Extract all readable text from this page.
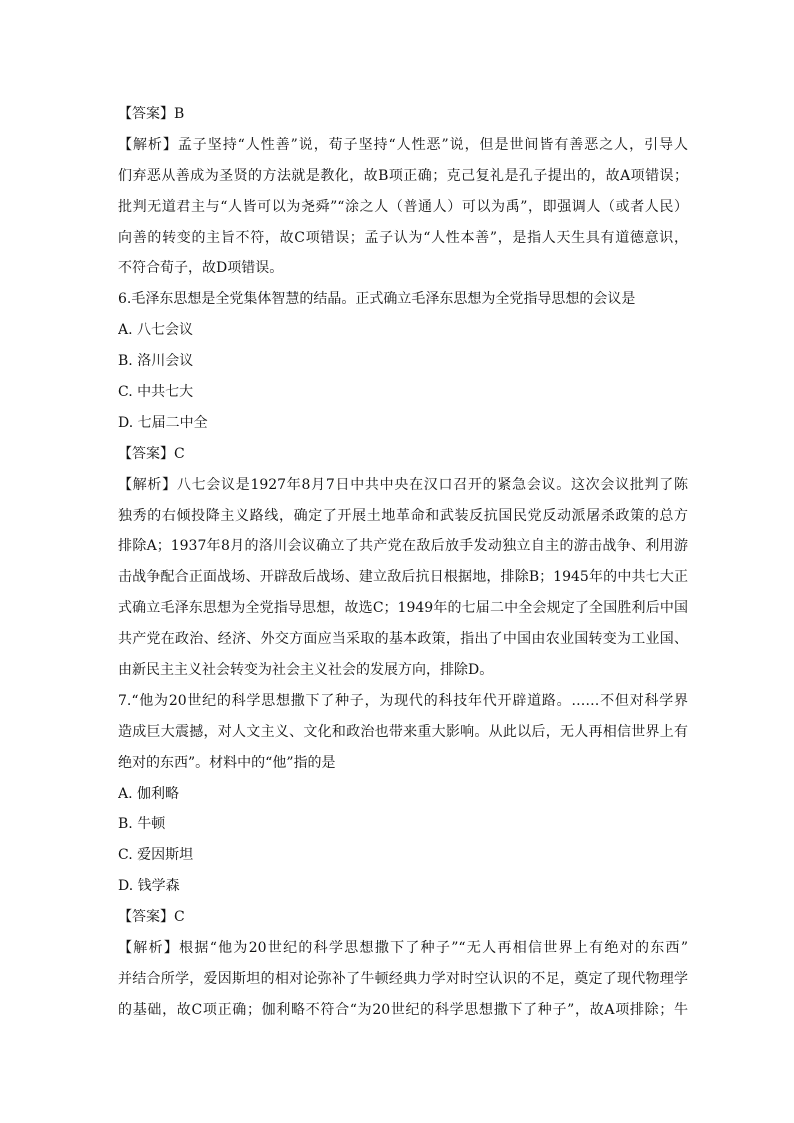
【答案】B
【解析】孟子坚持“人性善”说，荀子坚持“人性恶”说，但是世间皆有善恶之人，引导人
们弃恶从善成为圣贤的方法就是教化，故B项正确；克己复礼是孔子提出的，故A项错误；
批判无道君主与“人皆可以为尧舜”“涂之人（普通人）可以为禹”，即强调人（或者人民）
向善的转变的主旨不符，故C项错误；孟子认为“人性本善”，是指人天生具有道德意识，
不符合荀子，故D项错误。
6.毛泽东思想是全党集体智慧的结晶。正式确立毛泽东思想为全党指导思想的会议是
A. 八七会议
B. 洛川会议
C. 中共七大
D. 七届二中全
【答案】C
【解析】八七会议是1927年8月7日中共中央在汉口召开的紧急会议。这次会议批判了陈
独秀的右倾投降主义路线，确定了开展土地革命和武装反抗国民党反动派屠杀政策的总方
排除A；1937年8月的洛川会议确立了共产党在敌后放手发动独立自主的游击战争、利用游
击战争配合正面战场、开辟敌后战场、建立敌后抗日根据地，排除B；1945年的中共七大正
式确立毛泽东思想为全党指导思想，故选C；1949年的七届二中全会规定了全国胜利后中国
共产党在政治、经济、外交方面应当采取的基本政策，指出了中国由农业国转变为工业国、
由新民主主义社会转变为社会主义社会的发展方向，排除D。
7.“他为20世纪的科学思想撒下了种子，为现代的科技年代开辟道路。……不但对科学界
造成巨大震撼，对人文主义、文化和政治也带来重大影响。从此以后，无人再相信世界上有
绝对的东西”。材料中的“他”指的是
A. 伽利略
B. 牛顿
C. 爱因斯坦
D. 钱学森
【答案】C
【解析】根据“他为20世纪的科学思想撒下了种子”“无人再相信世界上有绝对的东西”
并结合所学，爱因斯坦的相对论弥补了牛顿经典力学对时空认识的不足，奠定了现代物理学
的基础，故C项正确；伽利略不符合“为20世纪的科学思想撒下了种子”，故A项排除；牛
